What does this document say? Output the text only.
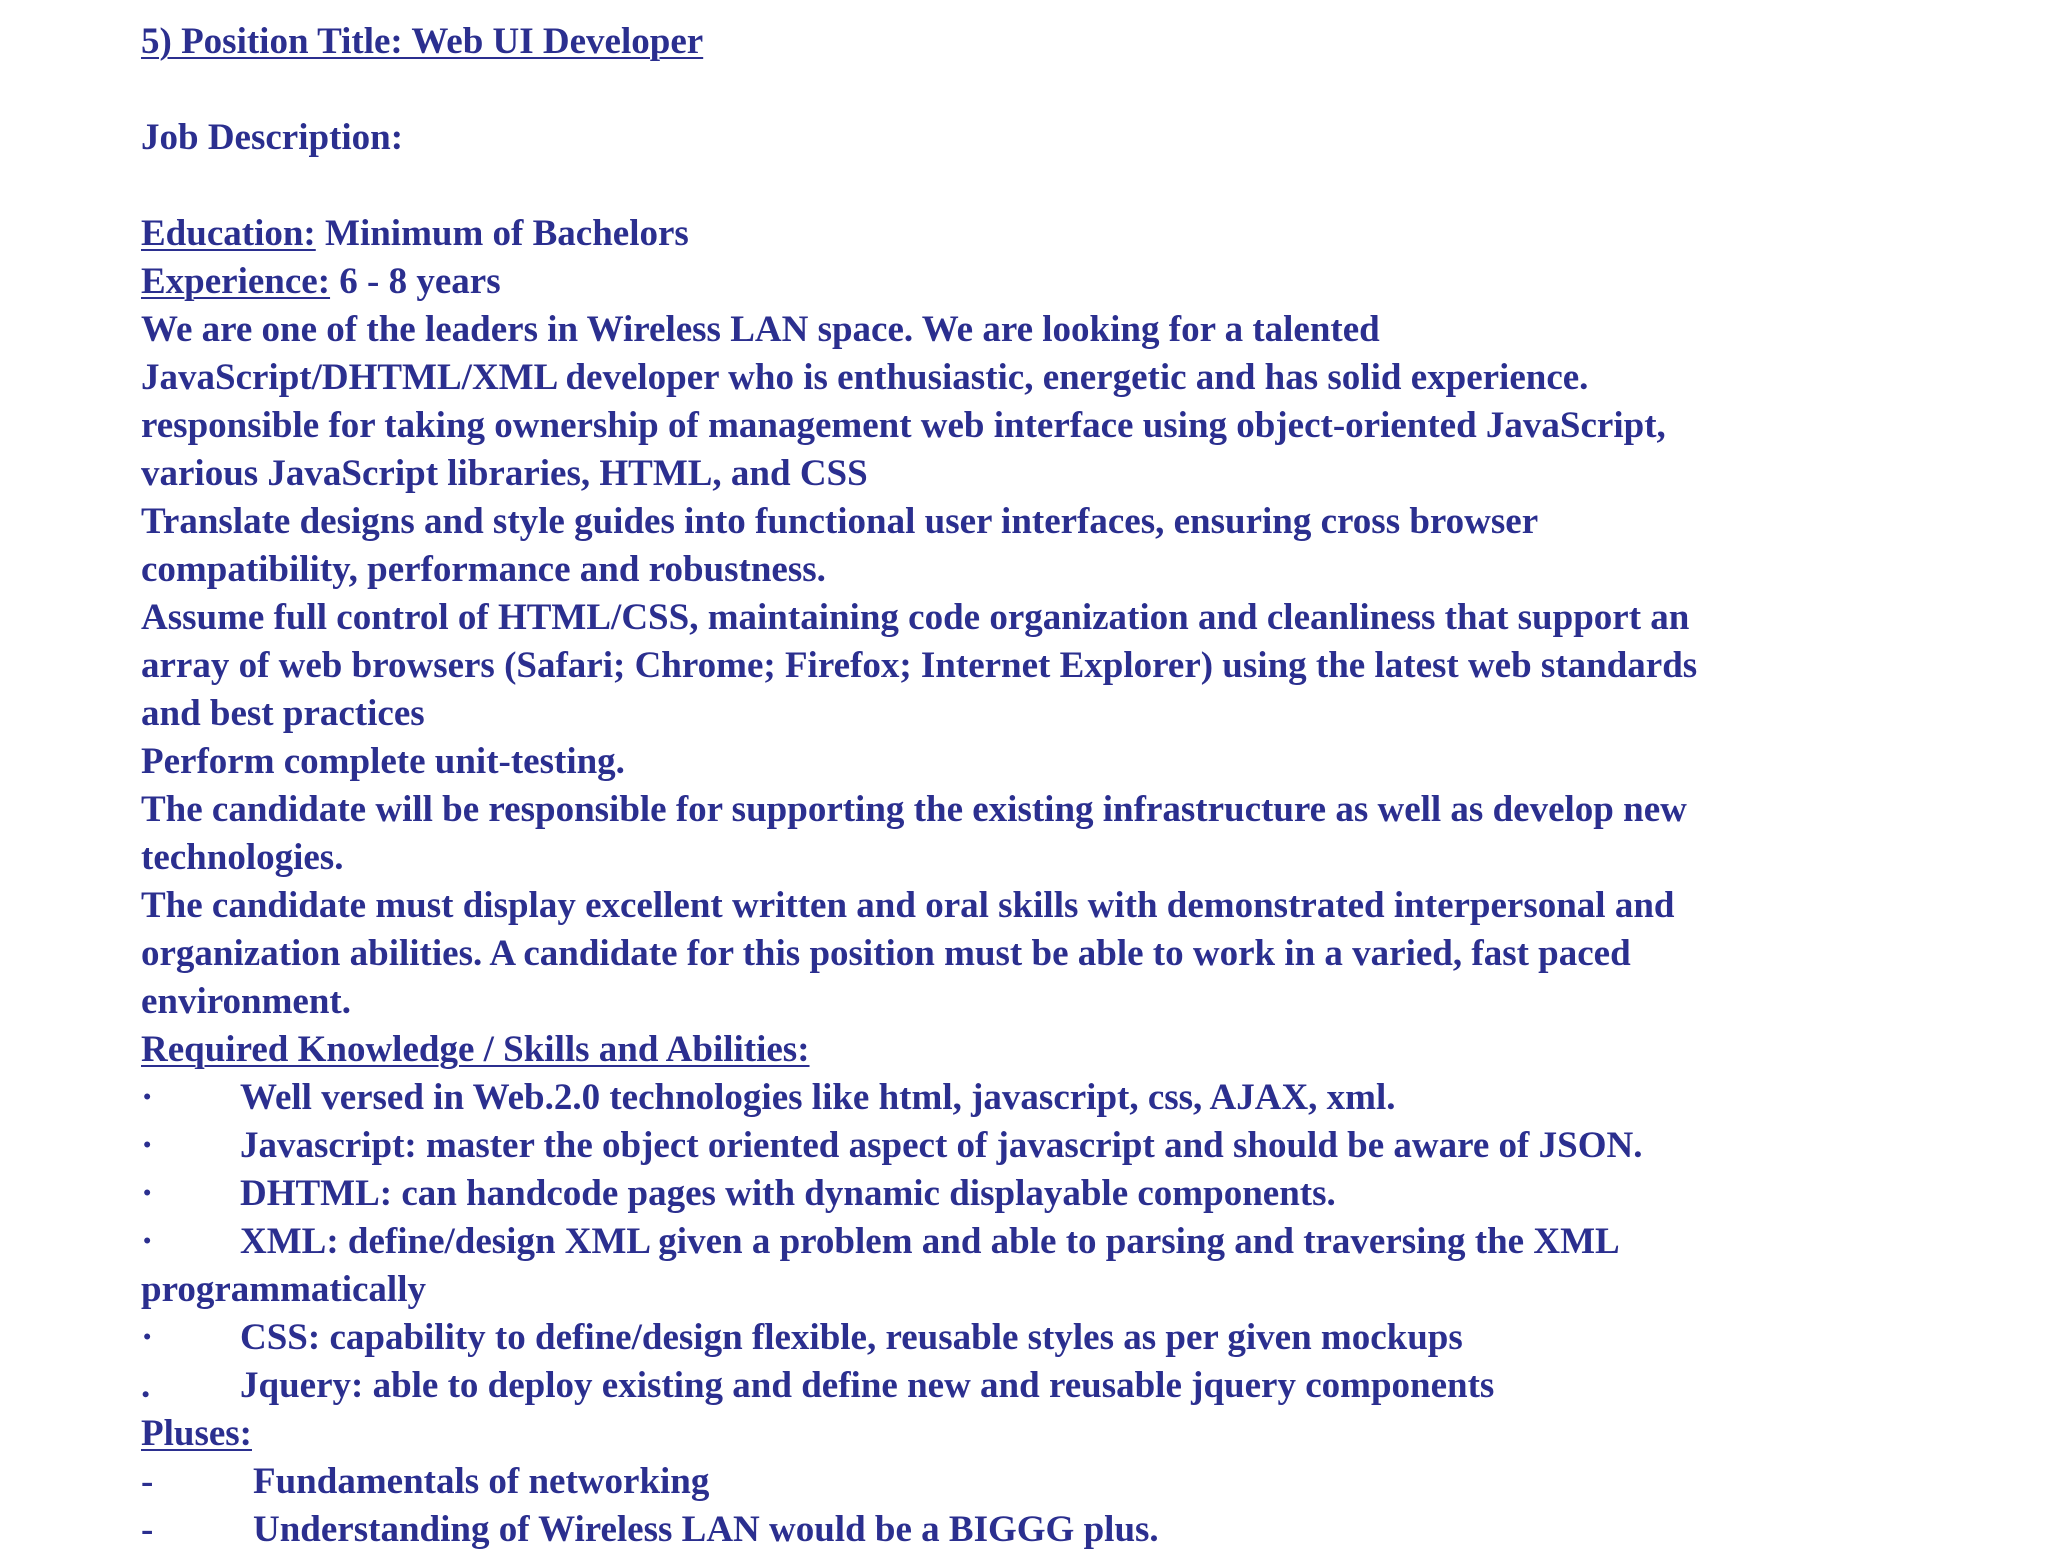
5) Position Title: Web UI Developer
Job Description:
Education: Minimum of Bachelors
Experience: 6 - 8 years
We are one of the leaders in Wireless LAN space. We are looking for a talented
JavaScript/DHTML/XML developer who is enthusiastic, energetic and has solid experience.
responsible for taking ownership of management web interface using object-oriented JavaScript,
various JavaScript libraries, HTML, and CSS
Translate designs and style guides into functional user interfaces, ensuring cross browser
compatibility, performance and robustness.
Assume full control of HTML/CSS, maintaining code organization and cleanliness that support an
array of web browsers (Safari; Chrome; Firefox; Internet Explorer) using the latest web standards
and best practices
Perform complete unit-testing.
The candidate will be responsible for supporting the existing infrastructure as well as develop new
technologies.
The candidate must display excellent written and oral skills with demonstrated interpersonal and
organization abilities. A candidate for this position must be able to work in a varied, fast paced
environment.
Required Knowledge / Skills and Abilities:
· Well versed in Web.2.0 technologies like html, javascript, css, AJAX, xml.
· Javascript: master the object oriented aspect of javascript and should be aware of JSON.
· DHTML: can handcode pages with dynamic displayable components.
· XML: define/design XML given a problem and able to parsing and traversing the XML
programmatically
· CSS: capability to define/design flexible, reusable styles as per given mockups
. Jquery: able to deploy existing and define new and reusable jquery components
Pluses:
-	Fundamentals of networking
-	Understanding of Wireless LAN would be a BIGGG plus.
